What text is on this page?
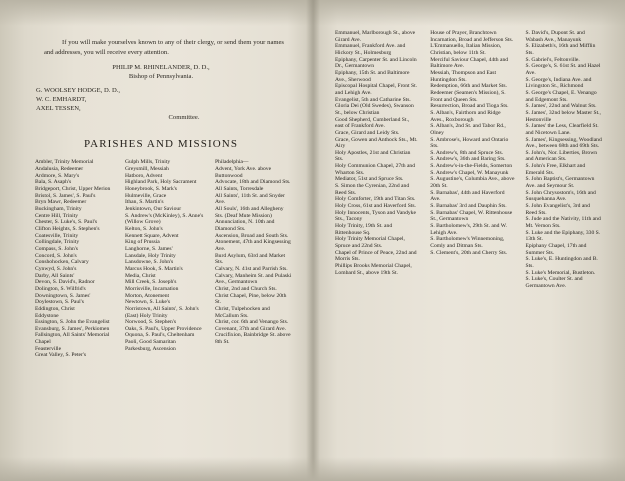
If you will make yourselves known to any of their clergy, or send them your names and addresses, you will receive every attention.

PHILIP M. RHINELANDER, D. D.,
Bishop of Pennsylvania.
G. WOOLSEY HODGE, D. D.,
W. C. EMHARDT,
AXEL TESSEN,
Committee.
PARISHES AND MISSIONS

Ambler, Trinity Memorial

Andalusia, Redeemer

Ardmore, S. Mary's

Bala, S. Asaph's

Bridgeport, Christ, Upper Merion

Bristol, S. James', S. Paul's

Bryn Mawr, Redeemer

Buckingham, Trinity

Centre Hill, Trinity

Chester, S. Luke's, S. Paul's

Clifton Heights, S. Stephen's

Coatesville, Trinity

Collingdale, Trinity

Compass, S. John's

Concord, S. John's

Conshohocken, Calvary

Cynwyd, S. John's

Darby, All Saints'

Devon, S. David's, Radnor

Dolington, S. Wilfrid's

Downingtown, S. James'

Doylestown, S. Paul's

Eddington, Christ

Eddystone

Essington, S. John the Evangelist

Evansburg, S. James', Perkiomen

Fallsington, All Saints' Memorial Chapel

Feasterville

Great Valley, S. Peter's

Gulph Mills, Trinity

Greysmill, Messiah

Hatboro, Advent

Highland Park, Holy Sacrament

Honeybrook, S. Mark's

Hulmeville, Grace

Ithan, S. Martin's

Jenkintown, Our Saviour

S. Andrew's (McKinley), S. Anne's (Willow Grove)

Kelton, S. John's

Kennett Square, Advent

King of Prussia

Langhorne, S. James'

Lansdale, Holy Trinity

Lansdowne, S. John's

Marcus Hook, S. Martin's

Media, Christ

Mill Creek, S. Joseph's

Morrisville, Incarnation

Morton, Atonement

Newtown, S. Luke's

Norristown, All Saints', S. John's (East) Holy Trinity

Norwood, S. Stephen's

Oaks, S. Paul's, Upper Providence

Oquona, S. Paul's, Cheltenham

Paoli, Good Samaritan

Parkesburg, Ascension

Philadelphia—

Advent, York Ave. above Buttonwood

Advocate, 18th and Diamond Sts.

All Saints, Torresdale

All Saints', 11th St. and Snyder Ave.

All Souls', 16th and Allegheny Sts. (Deaf Mute Mission)

Annunciation, N. 10th and Diamond Sts.

Ascension, Broad and South Sts.

Atonement, 47th and Kingsessing Ave.

Burd Asylum, 63rd and Market Sts.

Calvary, N. 41st and Parrish Sts.

Calvary, Manheim St. and Pulaski Ave., Germantown

Christ, 2nd and Church Sts.

Christ Chapel, Pine, below 20th St.

Christ, Tulpehocken and McCallum Sts.

Christ, cor. 6th and Venango Sts.

Covenant, 37th and Girard Ave.

Crucifixion, Bainbridge St. above 8th St.

Emmanuel, Marlborough St., above Girard Ave.

Emmanuel, Frankford Ave. and Hickory St., Holmesburg

Epiphany, Carpenter St. and Lincoln Dr., Germantown

Epiphany, 15th St. and Baltimore Ave., Sherwood

Episcopal Hospital Chapel, Front St. and Lehigh Ave.

Evangelist, 5th and Catharine Sts.

Gloria Dei (Old Swedes), Swanson St., below Christian

Good Shepherd, Cumberland St., east of Frankford Ave.

Grace, Girard and Leidy Sts.

Grace, Gowen and Anthock Sts., Mt. Airy

Holy Apostles, 21st and Christian Sts.

Holy Communion Chapel, 27th and Wharton Sts.

Mediator, 51st and Spruce Sts.

S. Simon the Cyrenian, 22nd and Reed Sts.

Holy Comforter, 19th and Titan Sts.

Holy Cross, 61st and Haverford Sts.

Holy Innocents, Tyson and Vandyke Sts., Tacony

Holy Trinity, 19th St. and Rittenhouse Sq.

Holy Trinity Memorial Chapel, Spruce and 22nd Sts.

Chapel of Prince of Peace, 22nd and Morris Sts.

Phillips Brooks Memorial Chapel, Lombard St., above 19th St.

House of Prayer, Branchtown

Incarnation, Broad and Jefferson Sts.

L'Emmanuello, Italian Mission, Christian, below 11th St.

Merciful Saviour Chapel, 44th and Baltimore Ave.

Messiah, Thompson and East Huntingdon Sts.

Redemption, 66th and Market Sts.

Redeemer (Seamen's Mission), S. Front and Queen Sts.

Resurrection, Broad and Tioga Sts.

S. Alban's, Fairthorn and Ridge Aves., Roxborough

S. Alban's, 2nd St. and Tabor Rd., Olney

S. Ambrose's, Howard and Ontario Sts.

S. Andrew's, 8th and Spruce Sts.

S. Andrew's, 36th and Baring Sts.

S. Andrew's-in-the-Fields, Somerton

S. Andrew's Chapel, W. Manayunk

S. Augustine's, Columbia Ave., above 20th St.

S. Barnabas', 44th and Haverford Ave.

S. Barnabas' 3rd and Dauphin Sts.

S. Barnabas' Chapel, W. Rittenhouse St., Germantown

S. Bartholomew's, 29th St. and W. Lehigh Ave.

S. Bartholomew's Winnemoning, Comly and Ditman Sts.

S. Clement's, 20th and Cherry Sts.

S. David's, Dupont St. and Wabash Ave., Manayunk

S. Elizabeth's, 16th and Mifflin Sts.

S. Gabriel's, Feltonville.

S. George's, S. 61st St. and Hazel Ave.

S. George's, Indiana Ave. and Livingston St., Richmond

S. George's Chapel, E. Venango and Edgemont Sts.

S. James', 22nd and Walnut Sts.

S. James', 32nd below Master St., Hestonville

S. James' the Less, Clearfield St. and Nicetown Lane.

S. James', Kingsessing, Woodland Ave., between 68th and 69th Sts.

S. John's, Nor. Liberties, Brown and American Sts.

S. John's Free, Elkhart and Emerald Sts.

S. John Baptist's, Germantown Ave. and Seymour St.

S. John Chrysostom's, 16th and Susquehanna Ave.

S. John Evangelist's, 3rd and Reed Sts.

S. Jude and the Nativity, 11th and Mt. Vernon Sts.

S. Luke and the Epiphany, 330 S. 13th St.

Epiphany Chapel, 17th and Summer Sts.

S. Luke's, E. Huntingdon and B. Sts.

S. Luke's Memorial, Bustleton.

S. Luke's, Coulter St. and Germantown Ave.
